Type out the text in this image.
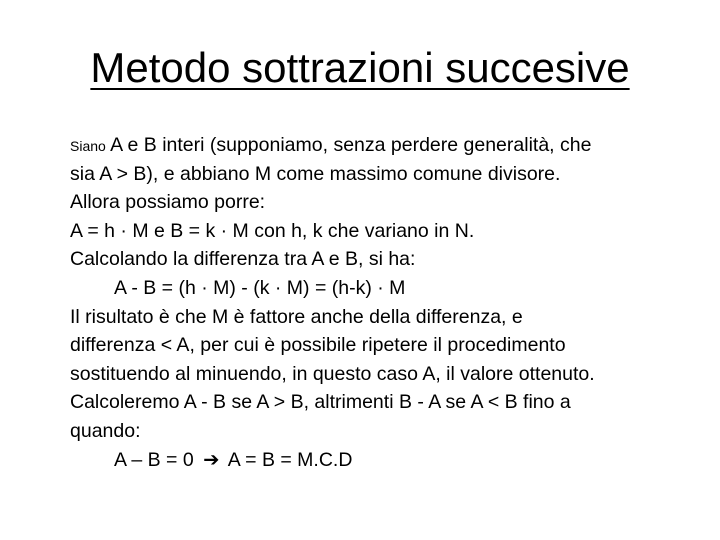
Metodo sottrazioni succesive
Siano A e B interi (supponiamo, senza perdere generalità, che
sia A > B), e abbiano M come massimo comune divisore.
Allora possiamo porre:
A = h · M e B = k · M con h, k che variano in N.
Calcolando la differenza tra A e B, si ha:
A - B = (h · M) - (k · M) = (h-k) · M
Il risultato è che M è fattore anche della differenza, e
differenza < A, per cui è possibile ripetere il procedimento
sostituendo al minuendo, in questo caso A, il valore ottenuto.
Calcoleremo A - B se A > B, altrimenti B - A se A < B fino a
quando:
A – B = 0 ➔ A = B = M.C.D
